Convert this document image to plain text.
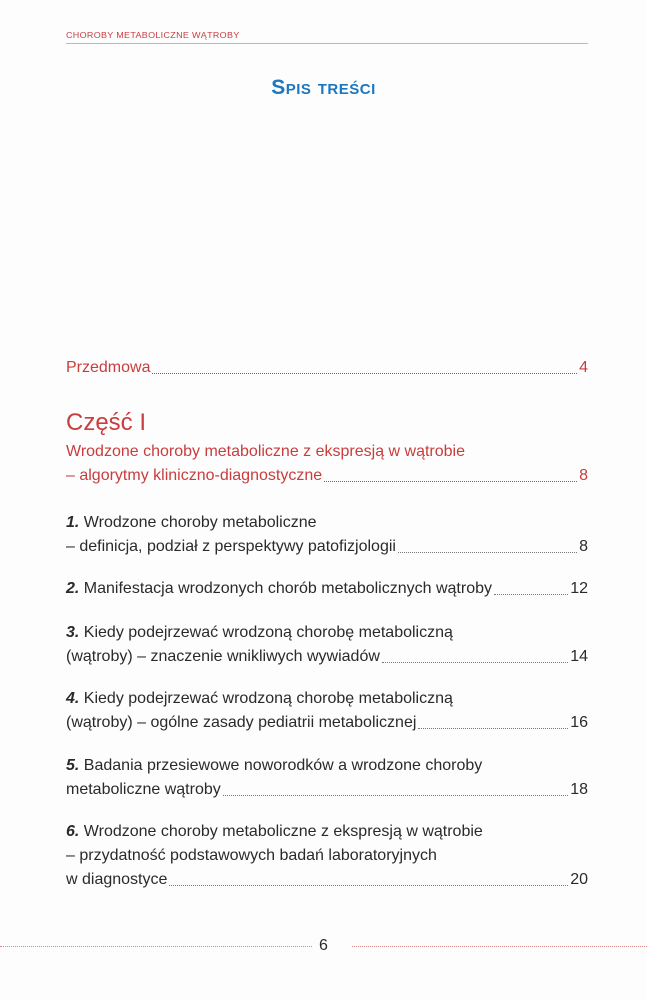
CHOROBY METABOLICZNE WĄTROBY
Spis treści
Przedmowa	4
Część I
Wrodzone choroby metaboliczne z ekspresją w wątrobie
– algorytmy kliniczno-diagnostyczne	8
1. Wrodzone choroby metaboliczne
– definicja, podział z perspektywy patofizjologii	8
2. Manifestacja wrodzonych chorób metabolicznych wątroby	12
3. Kiedy podejrzewać wrodzoną chorobę metaboliczną
(wątroby) – znaczenie wnikliwych wywiadów	14
4. Kiedy podejrzewać wrodzoną chorobę metaboliczną
(wątroby) – ogólne zasady pediatrii metabolicznej	16
5. Badania przesiewowe noworodków a wrodzone choroby
metaboliczne wątroby	18
6. Wrodzone choroby metaboliczne z ekspresją w wątrobie
– przydatność podstawowych badań laboratoryjnych
w diagnostyce	20
6
